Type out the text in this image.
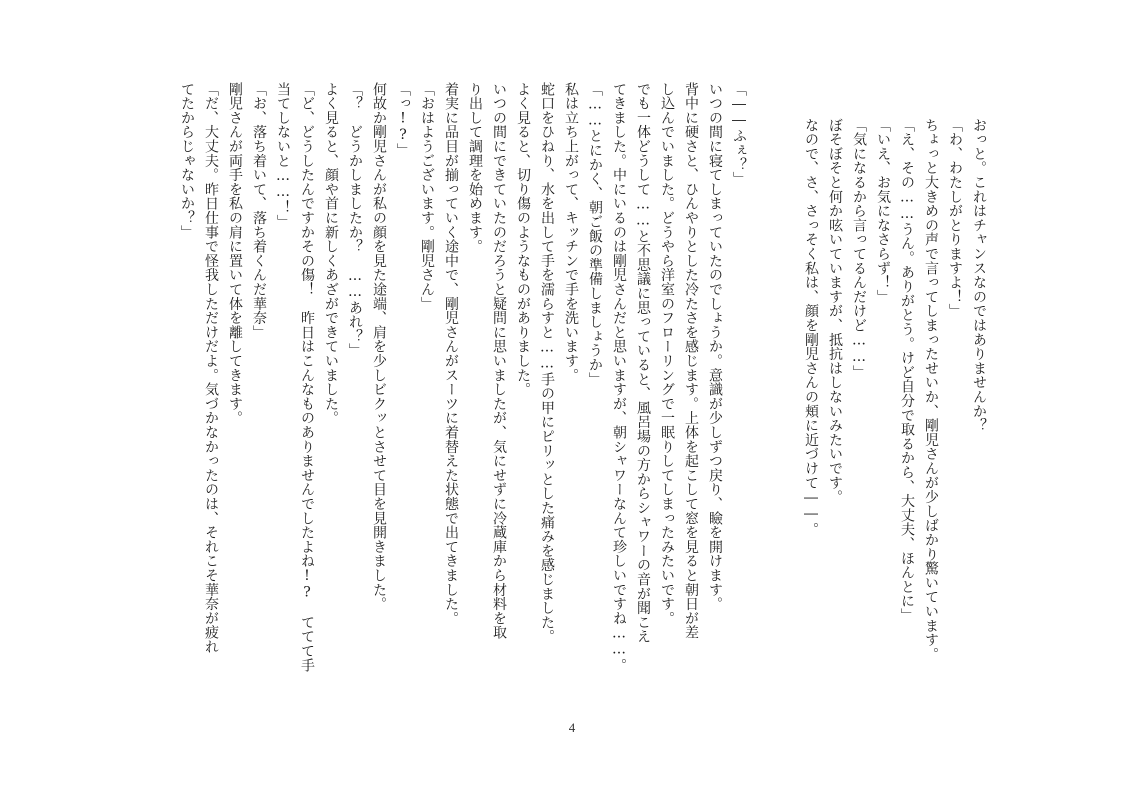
おっと。これはチャンスなのではありませんか？
「わ、わたしがとりますよ！」
ちょっと大きめの声で言ってしまったせいか、剛児さんが少しばかり驚いています。
「え、その……うん。ありがとう。けど自分で取るから、大丈夫、ほんとに」
「いえ、お気になさらず！」
「気になるから言ってるんだけど……」
ぼそぼそと何か呟いていますが、抵抗はしないみたいです。
なので、さ、さっそく私は、顔を剛児さんの頬に近づけて――。
「――ふぇ？」
いつの間に寝てしまっていたのでしょうか。意識が少しずつ戻り、瞼を開けます。
背中に硬さと、ひんやりとした冷たさを感じます。上体を起こして窓を見ると朝日が差
し込んでいました。どうやら洋室のフローリングで一眠りしてしまったみたいです。
でも一体どうして……と不思議に思っていると、風呂場の方からシャワーの音が聞こえ
てきました。中にいるのは剛児さんだと思いますが、朝シャワーなんて珍しいですね……。
「……とにかく、朝ご飯の準備しましょうか」
私は立ち上がって、キッチンで手を洗います。
蛇口をひねり、水を出して手を濡らすと……手の甲にピリッとした痛みを感じました。
よく見ると、切り傷のようなものがありました。
いつの間にできていたのだろうと疑問に思いましたが、気にせずに冷蔵庫から材料を取
り出して調理を始めます。
着実に品目が揃っていく途中で、剛児さんがスーツに着替えた状態で出てきました。
「おはようございます。剛児さん」
「っ!?」
何故か剛児さんが私の顔を見た途端、肩を少しビクッとさせて目を見開きました。
「？　どうかしましたか？　……あれ？」
よく見ると、顔や首に新しくあざができていました。
「ど、どうしたんですかその傷！　昨日はこんなものありませんでしたよね!?　ててて手
当てしないと……！」
「お、落ち着いて、落ち着くんだ華奈」
剛児さんが両手を私の肩に置いて体を離してきます。
「だ、大丈夫。昨日仕事で怪我しただけだよ。気づかなかったのは、それこそ華奈が疲れ
てたからじゃないか？」
4
